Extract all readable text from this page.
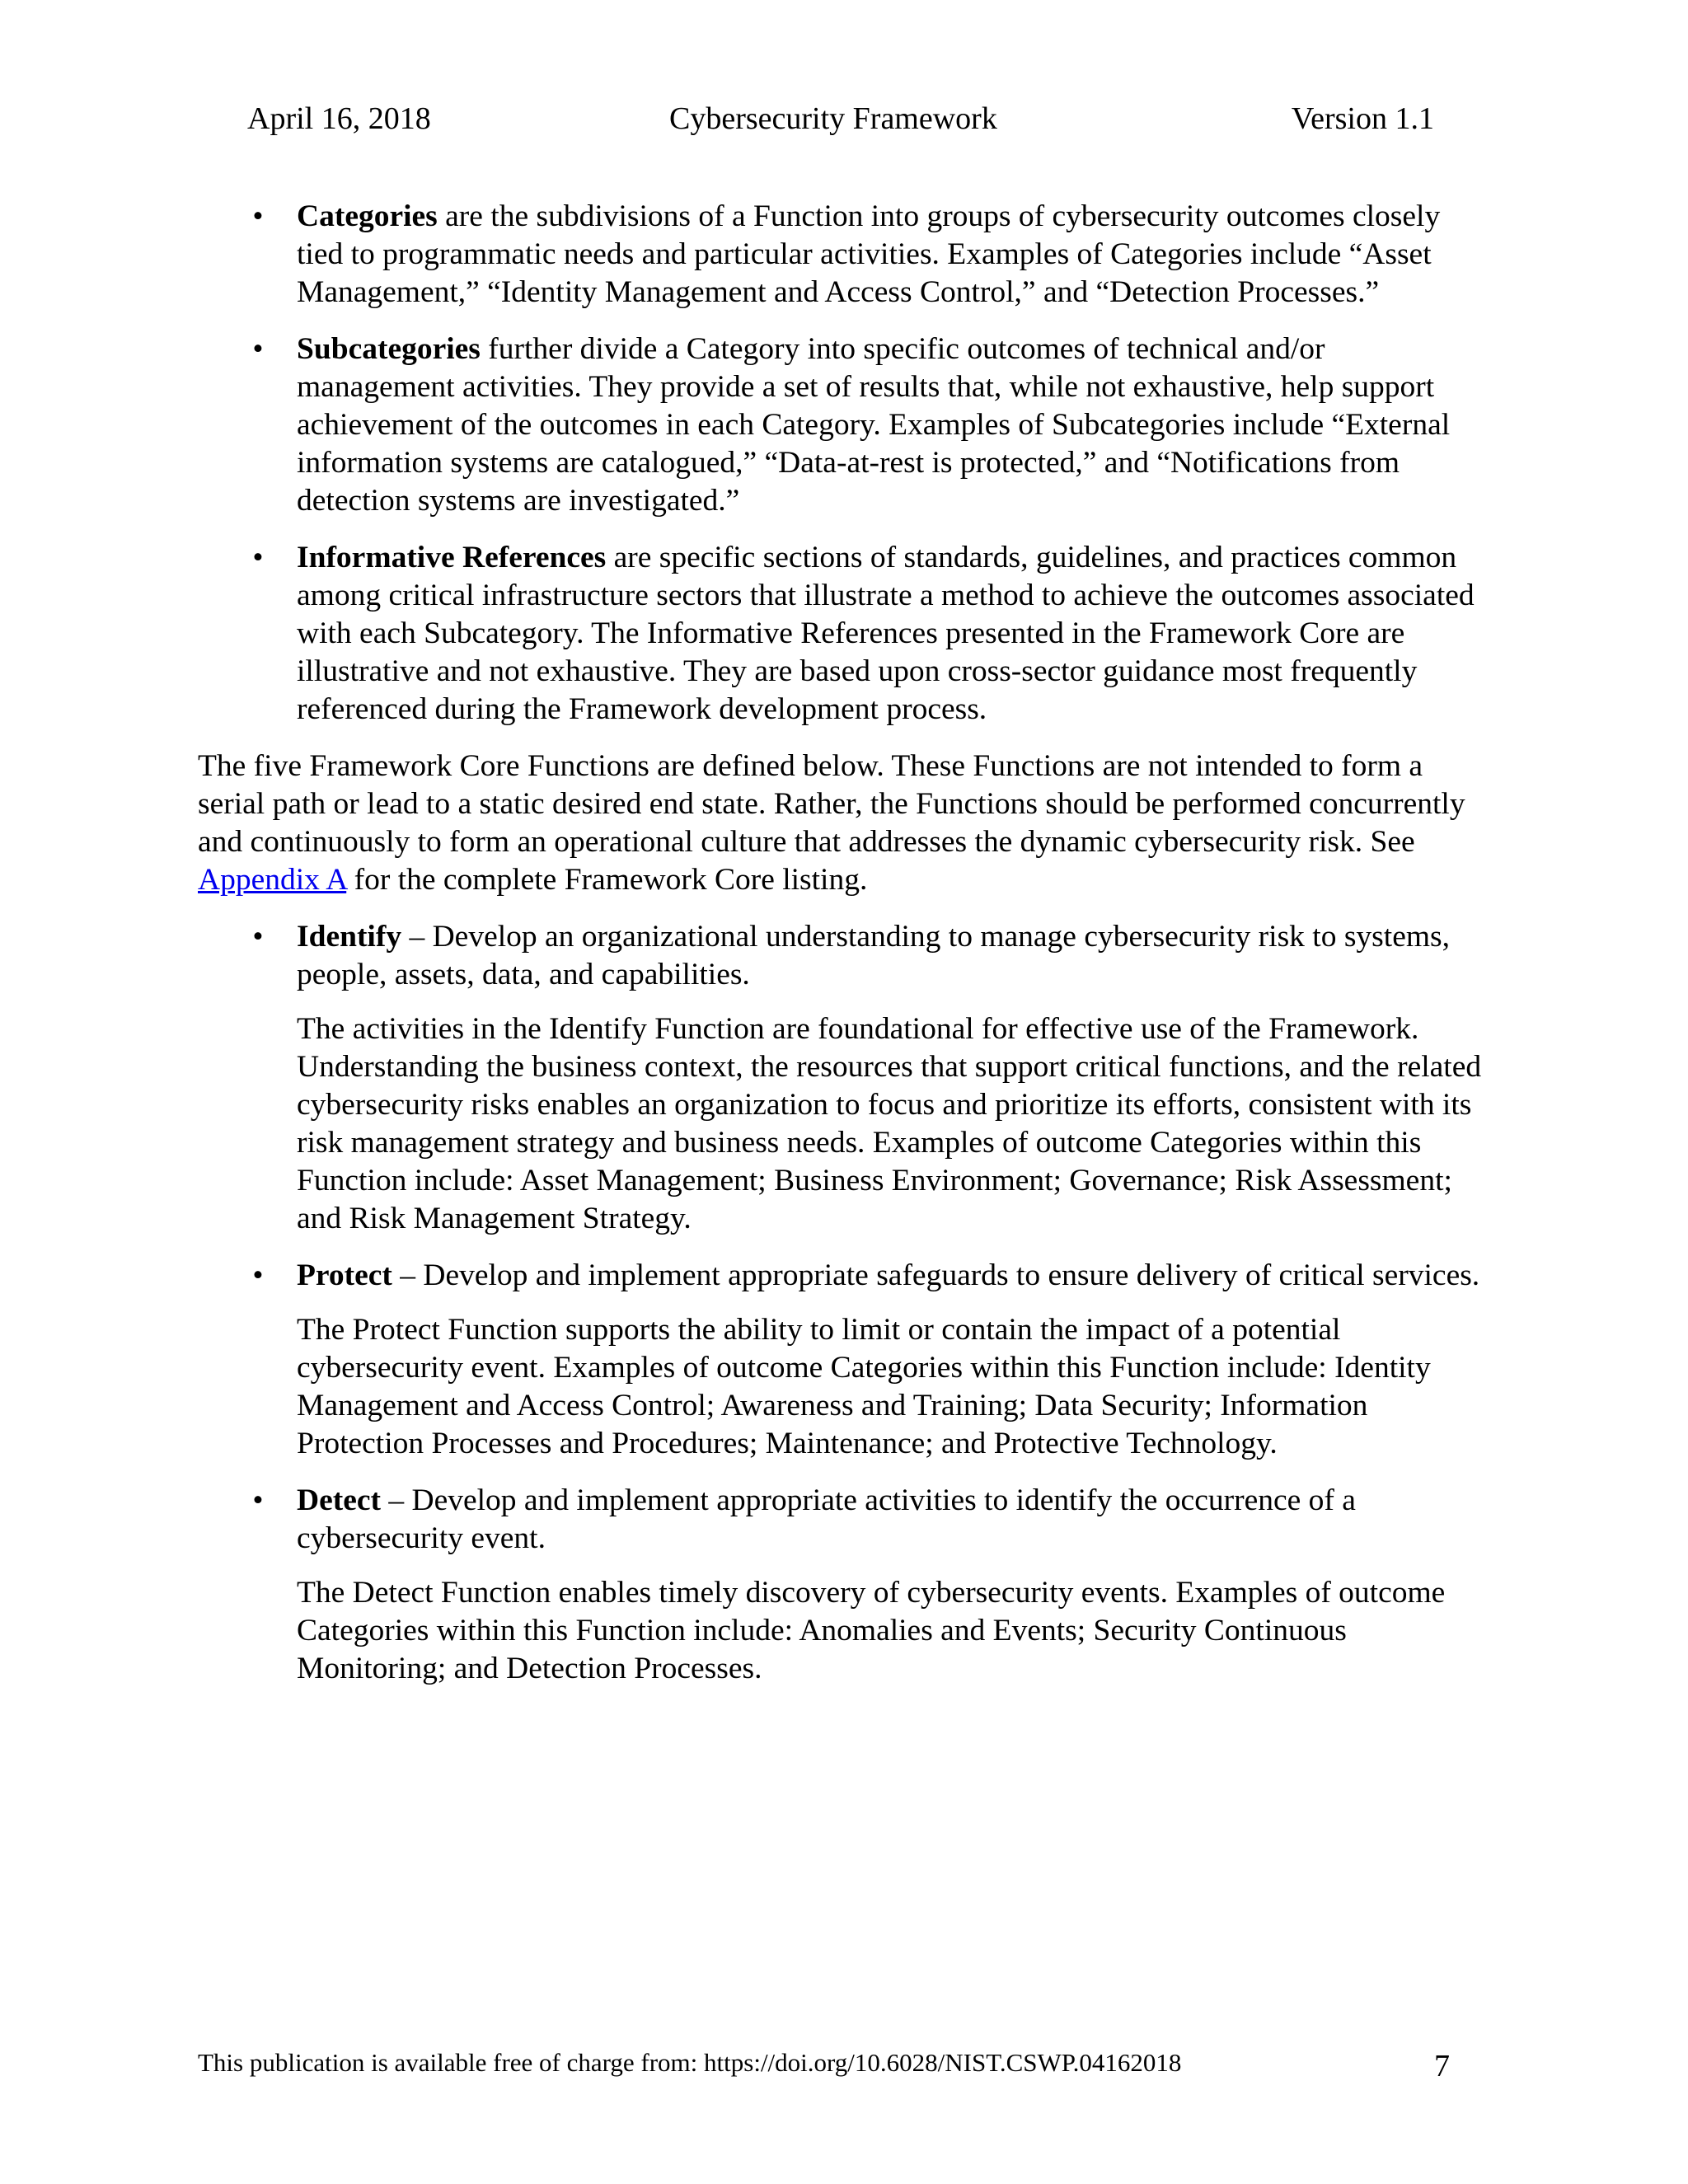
April 16, 2018	Cybersecurity Framework	Version 1.1
• Categories are the subdivisions of a Function into groups of cybersecurity outcomes closely tied to programmatic needs and particular activities. Examples of Categories include “Asset Management,” “Identity Management and Access Control,” and “Detection Processes.”

• Subcategories further divide a Category into specific outcomes of technical and/or management activities. They provide a set of results that, while not exhaustive, help support achievement of the outcomes in each Category. Examples of Subcategories include “External information systems are catalogued,” “Data-at-rest is protected,” and “Notifications from detection systems are investigated.”

• Informative References are specific sections of standards, guidelines, and practices common among critical infrastructure sectors that illustrate a method to achieve the outcomes associated with each Subcategory. The Informative References presented in the Framework Core are illustrative and not exhaustive. They are based upon cross-sector guidance most frequently referenced during the Framework development process.

The five Framework Core Functions are defined below. These Functions are not intended to form a serial path or lead to a static desired end state. Rather, the Functions should be performed concurrently and continuously to form an operational culture that addresses the dynamic cybersecurity risk. See Appendix A for the complete Framework Core listing.

• Identify – Develop an organizational understanding to manage cybersecurity risk to systems, people, assets, data, and capabilities.

The activities in the Identify Function are foundational for effective use of the Framework. Understanding the business context, the resources that support critical functions, and the related cybersecurity risks enables an organization to focus and prioritize its efforts, consistent with its risk management strategy and business needs. Examples of outcome Categories within this Function include: Asset Management; Business Environment; Governance; Risk Assessment; and Risk Management Strategy.

• Protect – Develop and implement appropriate safeguards to ensure delivery of critical services.

The Protect Function supports the ability to limit or contain the impact of a potential cybersecurity event. Examples of outcome Categories within this Function include: Identity Management and Access Control; Awareness and Training; Data Security; Information Protection Processes and Procedures; Maintenance; and Protective Technology.

• Detect – Develop and implement appropriate activities to identify the occurrence of a cybersecurity event.

The Detect Function enables timely discovery of cybersecurity events. Examples of outcome Categories within this Function include: Anomalies and Events; Security Continuous Monitoring; and Detection Processes.

This publication is available free of charge from: https://doi.org/10.6028/NIST.CSWP.04162018	7
